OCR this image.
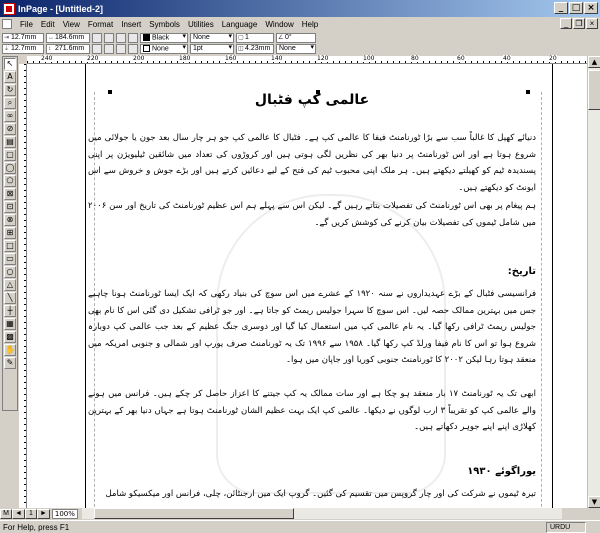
InPage - [Untitled-2]	_ □ ×
File	Edit	View	Format	Insert	Symbols	Utilities	Language	Window	Help	_ ❐ ×
⇥ 12.7mm	↔ 184.6mm	Black ▾	None ▾	▢ 1	∠ 0°
⇣ 12.7mm	↕ 271.6mm	None ▾	1pt ▾	◫ 4.23mm	None ▾
↖
A
↻
⌕
∞
⊘
▤
▢
◯
⬠
⊠
⊡
⊗
⊞
□
▭
○
△
╲
┼
▦
▩
✋
✎
240	220	200	180	160	140	120	100	80	60	40	20
عالمی کپ فٹبال
دنیائے کھیل کا غالباً سب سے بڑا ٹورنامنٹ فیفا کا عالمی کپ ہے۔ فٹبال کا عالمی کپ جو ہر چار سال بعد جون یا جولائی میں شروع ہوتا ہے اور اس ٹورنامنٹ پر دنیا بھر کی نظریں لگی ہوتی ہیں اور کروڑوں کی تعداد میں شائقین ٹیلیویژن پر اپنی پسندیدہ ٹیم کو کھیلتے دیکھتے ہیں۔ ہر ملک اپنی محبوب ٹیم کی فتح کے لیے دعائیں کرتے ہیں اور بڑے جوش و خروش سے اس ایونٹ کو دیکھتے ہیں۔
ہم پیغام پر بھی اس ٹورنامنٹ کی تفصیلات بتاتے رہیں گے۔ لیکن اس سے پہلے ہم اس عظیم ٹورنامنٹ کی تاریخ اور سن ۲۰۰۶ میں شامل ٹیموں کی تفصیلات بیان کرنے کی کوشش کریں گے۔
تاریخ:
فرانسیسی فٹبال کے بڑے عہدیداروں نے سنہ ۱۹۲۰ کے عشرے میں اس سوچ کی بنیاد رکھی کہ ایک ایسا ٹورنامنٹ ہونا چاہیے جس میں بہترین ممالک حصہ لیں۔ اس سوچ کا سہرا جولیس ریمٹ کو جاتا ہے۔ اور جو ٹرافی تشکیل دی گئی اس کا نام بھی جولیس ریمٹ ٹرافی رکھا گیا۔ یہ نام عالمی کپ میں استعمال کیا گیا اور دوسری جنگ عظیم کے بعد جب عالمی کپ دوبارہ شروع ہوا تو اس کا نام فیفا ورلڈ کپ رکھا گیا۔ ۱۹۵۸ سے ۱۹۹۶ تک یہ ٹورنامنٹ صرف یورپ اور شمالی و جنوبی امریکہ میں منعقد ہوتا رہا لیکن ۲۰۰۲ کا ٹورنامنٹ جنوبی کوریا اور جاپان میں ہوا۔
ابھی تک یہ ٹورنامنٹ ۱۷ بار منعقد ہو چکا ہے اور سات ممالک یہ کپ جیتنے کا اعزاز حاصل کر چکے ہیں۔ فرانس میں ہونے والے عالمی کپ کو تقریباً ۳ ارب لوگوں نے دیکھا۔ عالمی کپ ایک بہت عظیم الشان ٹورنامنٹ ہوتا ہے جہاں دنیا بھر کے بہترین کھلاڑی اپنے اپنے جوہر دکھاتے ہیں۔
یوراگوئے ۱۹۳۰
تیرہ ٹیموں نے شرکت کی اور چار گروپس میں تقسیم کی گئیں۔ گروپ ایک میں ارجنٹائن، چلی، فرانس اور میکسیکو شامل
▲
▼
M ◄	1	►	100%
For Help, press F1	URDU
